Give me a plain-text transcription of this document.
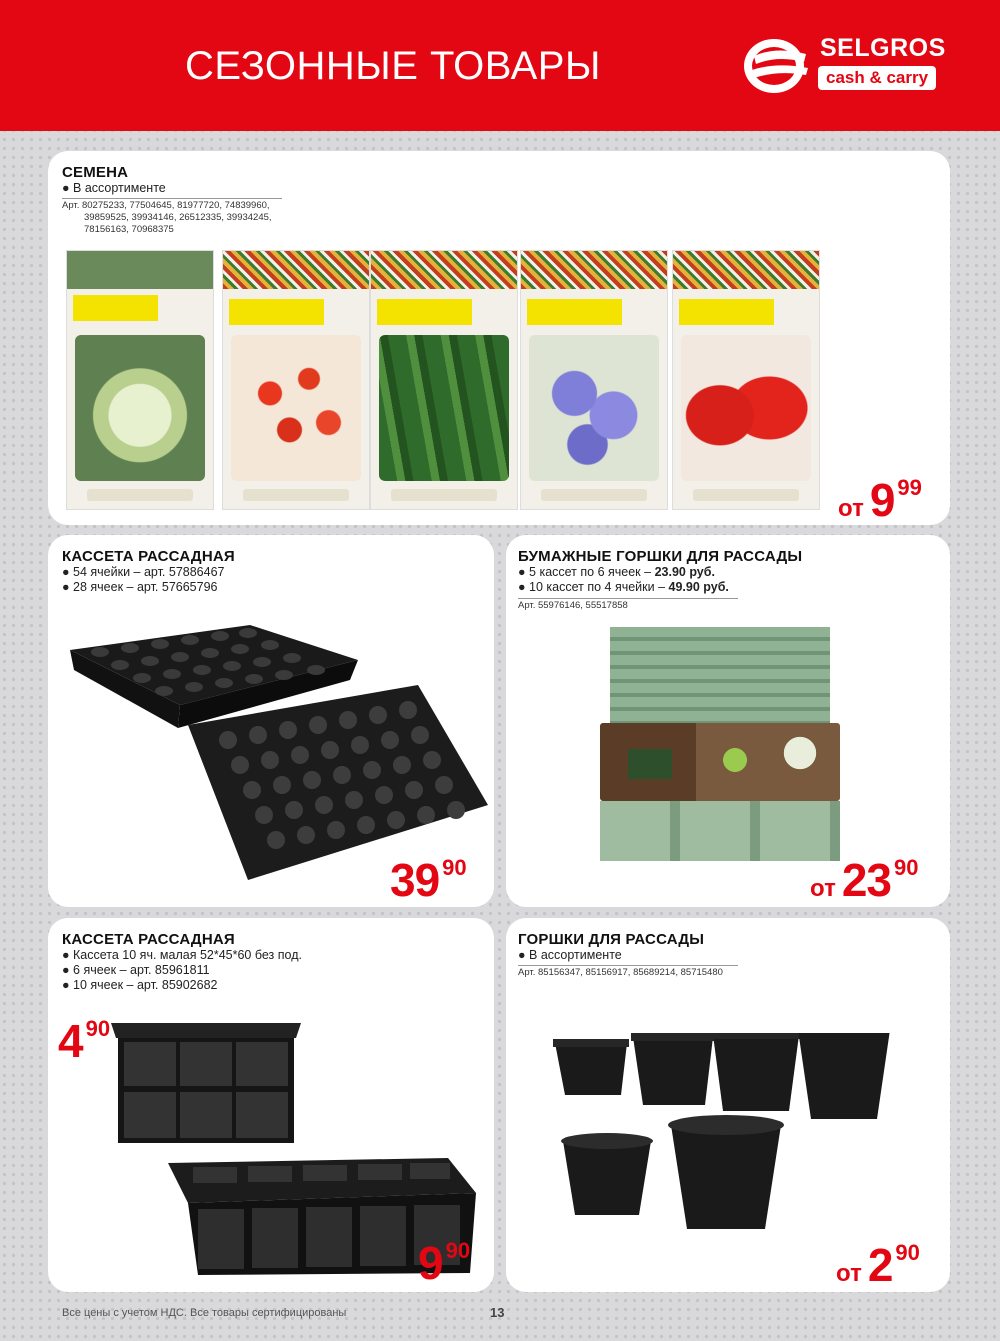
СЕЗОННЫЕ ТОВАРЫ	SELGROS
cash & carry
СЕМЕНА
● В ассортименте
Арт. 80275233, 77504645, 81977720, 74839960,
39859525, 39934146, 26512335, 39934245,
78156163, 70968375
от 9 99
КАССЕТА РАССАДНАЯ
● 54 ячейки – арт. 57886467
● 28 ячеек – арт. 57665796
39 90
БУМАЖНЫЕ ГОРШКИ ДЛЯ РАССАДЫ
● 5 кассет по 6 ячеек – 23.90 руб.
● 10 кассет по 4 ячейки – 49.90 руб.
Арт. 55976146, 55517858
от 23 90
КАССЕТА РАССАДНАЯ
● Кассета 10 яч. малая 52*45*60 без под.
● 6 ячеек – арт. 85961811
● 10 ячеек – арт. 85902682
4 90
9 90
ГОРШКИ ДЛЯ РАССАДЫ
● В ассортименте
Арт. 85156347, 85156917, 85689214, 85715480
от 2 90
Все цены с учетом НДС. Все товары сертифицированы	13
